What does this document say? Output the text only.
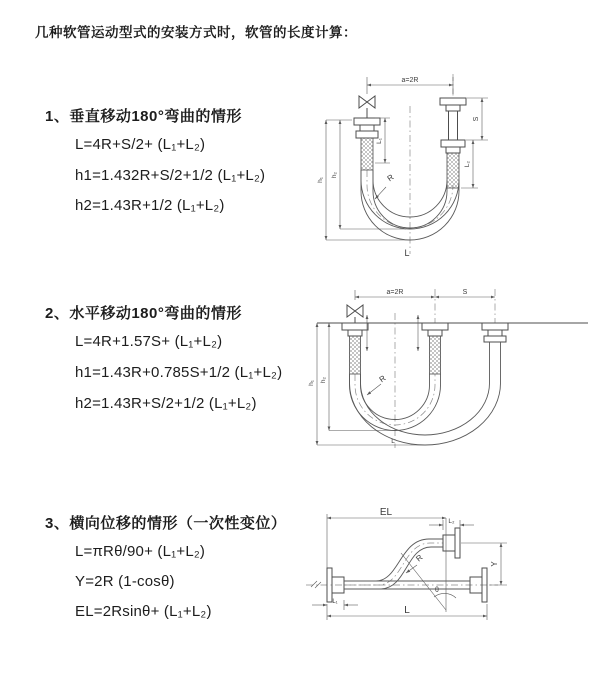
几种软管运动型式的安装方式时，软管的长度计算：
1、垂直移动180°弯曲的情形
L=4R+S/2+ (L₁+L₂)
h1=1.432R+S/2+1/2 (L₁+L₂)
h2=1.43R+1/2 (L₁+L₂)
a=2R
L₁
S
L₂
h₁
h₂	R
L
2、水平移动180°弯曲的情形
L=4R+1.57S+ (L₁+L₂)
h1=1.43R+0.785S+1/2 (L₁+L₂)
h2=1.43R+S/2+1/2 (L₁+L₂)
a=2R	S
h₁ h₂	R
L
3、横向位移的情形（一次性变位）
L=πRθ/90+ (L₁+L₂)
Y=2R (1-cosθ)
EL=2Rsinθ+ (L₁+L₂)
EL
L₂
Y
R
θ
L
L₁
